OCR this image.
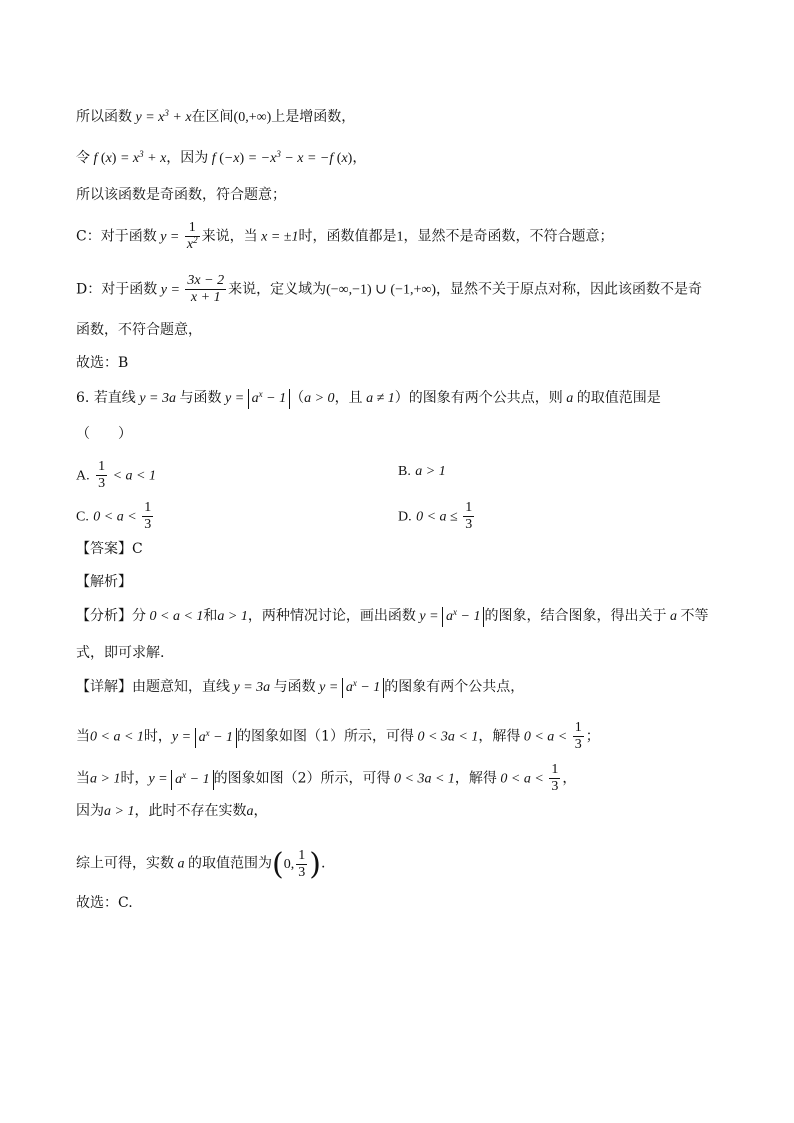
所以函数 $y = x^3 + x$在区间(0,+∞)上是增函数，
令 f $(x) = x^3 + x$，因为 f $(-x) = -x^3 - x = -f$ (x)，
所以该函数是奇函数，符合题意；
C：对于函数 $y = \frac{1}{x^2}$ 来说，当 x = ±1时，函数值都是1，显然不是奇函数，不符合题意；
D：对于函数 $y = \frac{3x - 2}{x + 1}$ 来说，定义域为(−∞,−1) ∪ (−1,+∞)，显然不关于原点对称，因此该函数不是奇
函数，不符合题意，
故选：B
6. 若直线 y = 3a 与函数 $y = a^x - 1$ （a > 0，且 a ≠ 1）的图象有两个公共点，则 a 的取值范围是
（　　）
A. $\frac{1}{3} < a < 1$	B. a > 1
C. $0 < a < \frac{1}{3}$	D. $0 < a \le \frac{1}{3}$
【答案】C
【解析】
【分析】分 0 < a < 1和a > 1，两种情况讨论，画出函数 $y = a^x - 1$ 的图象，结合图象，得出关于 a 不等
式，即可求解.
【详解】由题意知，直线 y = 3a 与函数 $y = a^x - 1$ 的图象有两个公共点，
当0 < a < 1时，$y = a^x - 1$ 的图象如图（1）所示，可得 0 < 3a < 1，解得 $0 < a < \frac{1}{3}$ ；
当a > 1时，$y = a^x - 1$ 的图象如图（2）所示，可得 0 < 3a < 1，解得 $0 < a < \frac{1}{3}$ ，
因为a > 1，此时不存在实数a，
综上可得，实数 a 的取值范围为(0, $\frac{1}{3}$ ).
故选：C.
